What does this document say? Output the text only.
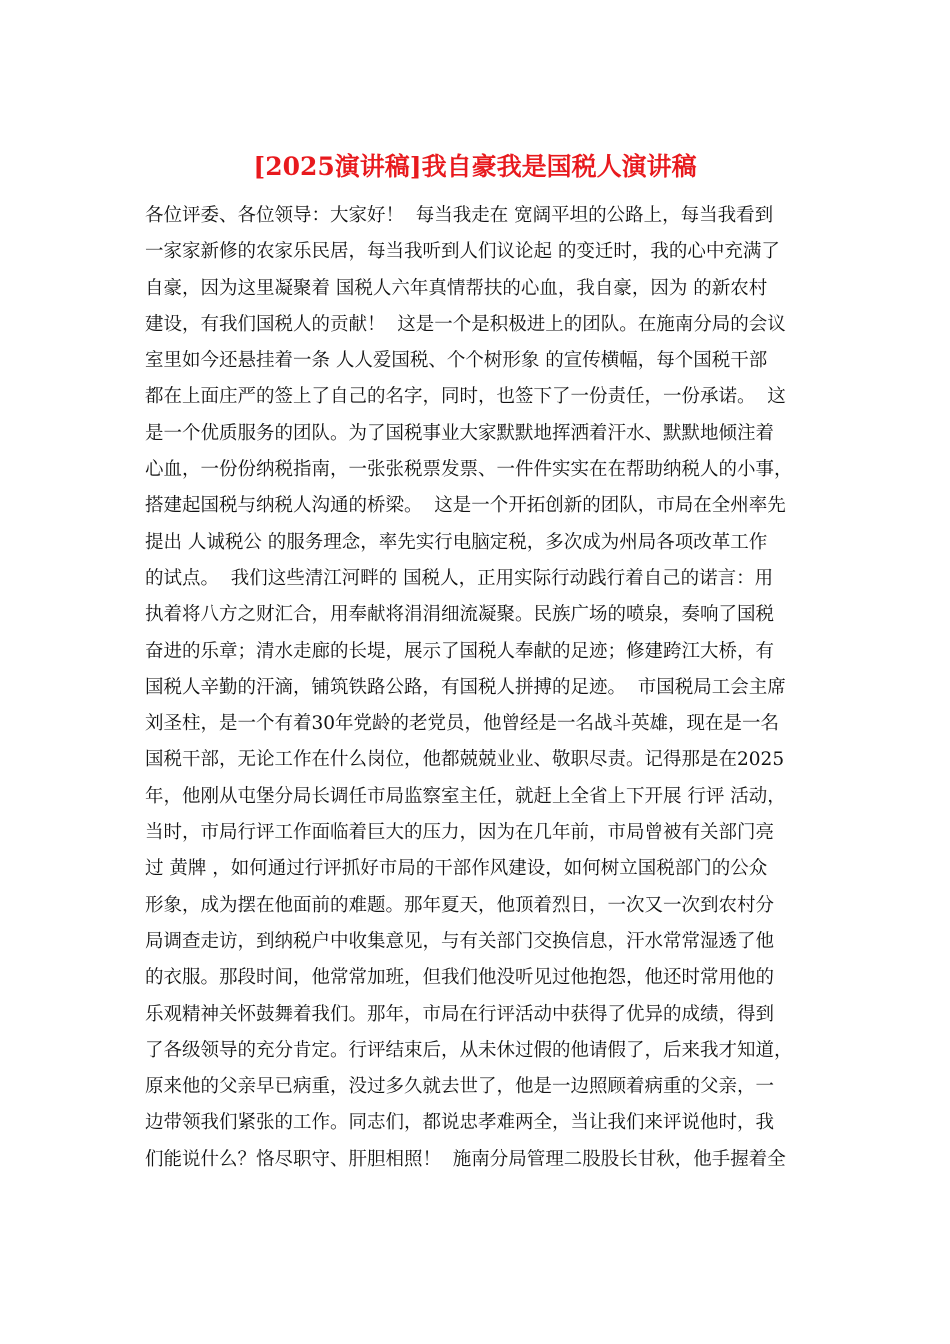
[2025演讲稿]我自豪我是国税人演讲稿
各位评委、各位领导：大家好！  每当我走在 宽阔平坦的公路上，每当我看到
一家家新修的农家乐民居，每当我听到人们议论起 的变迁时，我的心中充满了
自豪，因为这里凝聚着 国税人六年真情帮扶的心血，我自豪，因为 的新农村
建设，有我们国税人的贡献！  这是一个是积极进上的团队。在施南分局的会议
室里如今还悬挂着一条 人人爱国税、个个树形象 的宣传横幅，每个国税干部
都在上面庄严的签上了自己的名字，同时，也签下了一份责任，一份承诺。  这
是一个优质服务的团队。为了国税事业大家默默地挥洒着汗水、默默地倾注着
心血，一份份纳税指南，一张张税票发票、一件件实实在在帮助纳税人的小事，
搭建起国税与纳税人沟通的桥梁。  这是一个开拓创新的团队，市局在全州率先
提出 人诚税公 的服务理念，率先实行电脑定税，多次成为州局各项改革工作
的试点。  我们这些清江河畔的 国税人，正用实际行动践行着自己的诺言：用
执着将八方之财汇合，用奉献将涓涓细流凝聚。民族广场的喷泉，奏响了国税
奋进的乐章；清水走廊的长堤，展示了国税人奉献的足迹；修建跨江大桥，有
国税人辛勤的汗滴，铺筑铁路公路，有国税人拼搏的足迹。  市国税局工会主席
刘圣柱，是一个有着30年党龄的老党员，他曾经是一名战斗英雄，现在是一名
国税干部，无论工作在什么岗位，他都兢兢业业、敬职尽责。记得那是在2025
年，他刚从屯堡分局长调任市局监察室主任，就赶上全省上下开展 行评 活动，
当时，市局行评工作面临着巨大的压力，因为在几年前，市局曾被有关部门亮
过 黄牌 ，如何通过行评抓好市局的干部作风建设，如何树立国税部门的公众
形象，成为摆在他面前的难题。那年夏天，他顶着烈日，一次又一次到农村分
局调查走访，到纳税户中收集意见，与有关部门交换信息，汗水常常湿透了他
的衣服。那段时间，他常常加班，但我们他没听见过他抱怨，他还时常用他的
乐观精神关怀鼓舞着我们。那年，市局在行评活动中获得了优异的成绩，得到
了各级领导的充分肯定。行评结束后，从未休过假的他请假了，后来我才知道，
原来他的父亲早已病重，没过多久就去世了，他是一边照顾着病重的父亲，一
边带领我们紧张的工作。同志们，都说忠孝难两全，当让我们来评说他时，我
们能说什么？恪尽职守、肝胆相照！  施南分局管理二股股长甘秋，他手握着全
